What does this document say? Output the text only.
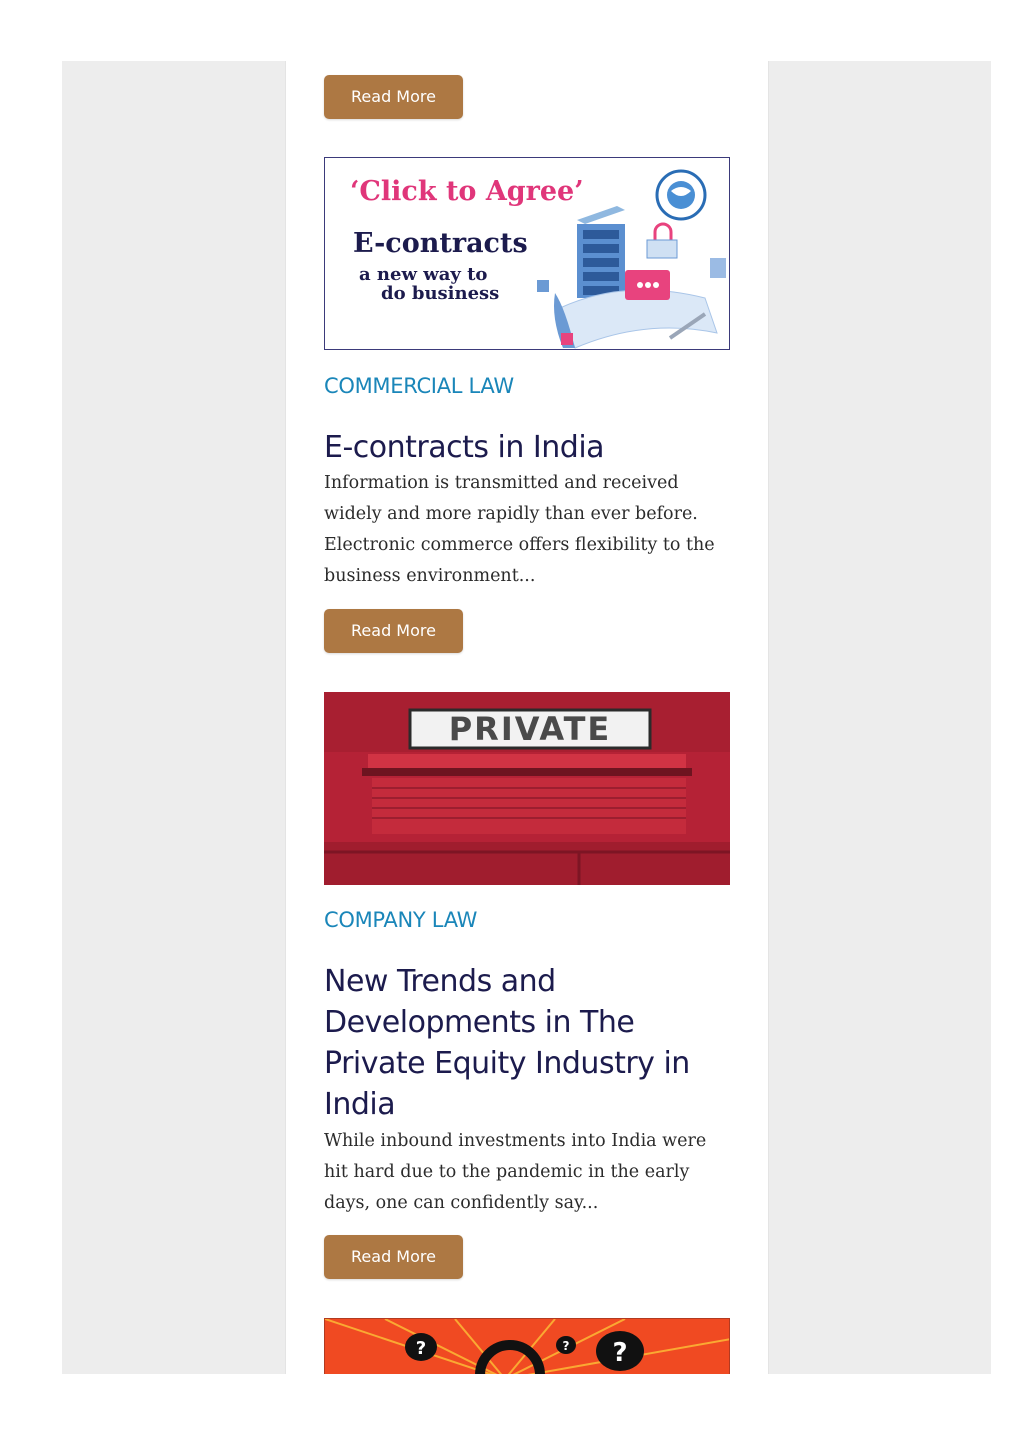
Read More
‘Click to Agree’
E-contracts
a new way to
do business
COMMERCIAL LAW
E-contracts in India

Information is transmitted and received widely and more rapidly than ever before. Electronic commerce offers flexibility to the business environment...

Read More
PRIVATE
COMPANY LAW
New Trends and Developments in The Private Equity Industry in India

While inbound investments into India were hit hard due to the pandemic in the early days, one can confidently say...

Read More
?	? ?
